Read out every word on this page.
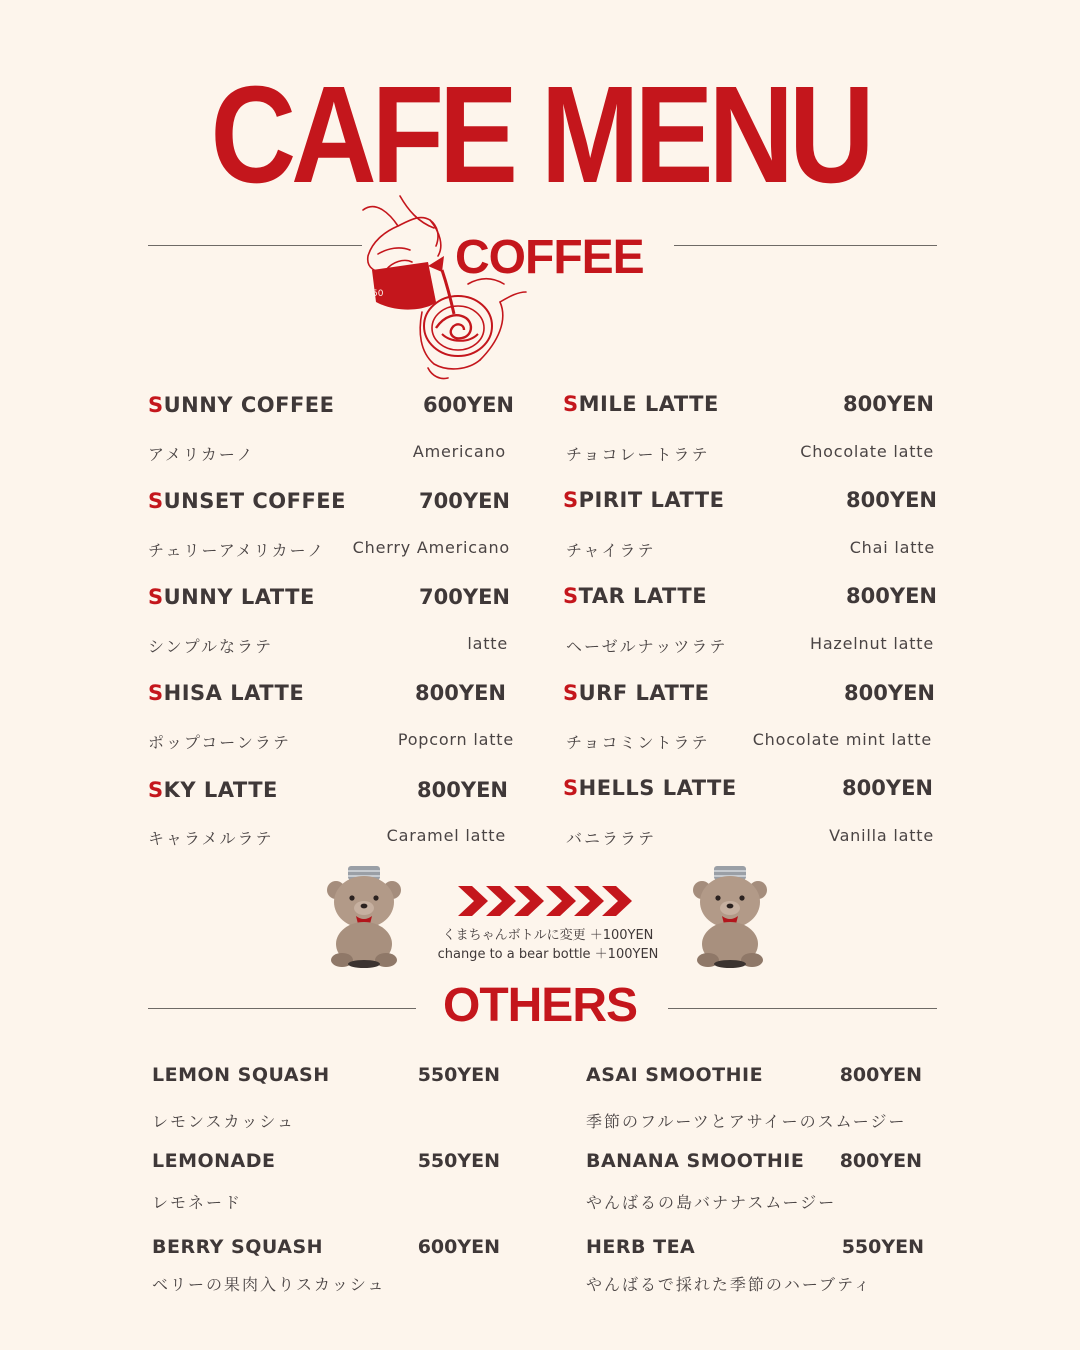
CAFE MENU
50
COFFEE
SUNNY COFFEE	600YEN
アメリカーノ	Americano
SUNSET COFFEE	700YEN
チェリーアメリカーノ	Cherry Americano
SUNNY LATTE	700YEN
シンプルなラテ	latte
SHISA LATTE	800YEN
ポップコーンラテ	Popcorn latte
SKY LATTE	800YEN
キャラメルラテ	Caramel latte
SMILE LATTE	800YEN
チョコレートラテ	Chocolate latte
SPIRIT LATTE	800YEN
チャイラテ	Chai latte
STAR LATTE	800YEN
ヘーゼルナッツラテ	Hazelnut latte
SURF LATTE	800YEN
チョコミントラテ	Chocolate mint latte
SHELLS LATTE	800YEN
バニララテ	Vanilla latte
くまちゃんボトルに変更 ＋100YEN
change to a bear bottle ＋100YEN
OTHERS
LEMON SQUASH	550YEN
レモンスカッシュ
LEMONADE	550YEN
レモネード
BERRY SQUASH	600YEN
ベリーの果肉入りスカッシュ
ASAI SMOOTHIE	800YEN
季節のフルーツとアサイーのスムージー
BANANA SMOOTHIE	800YEN
やんばるの島バナナスムージー
HERB TEA	550YEN
やんばるで採れた季節のハーブティ
